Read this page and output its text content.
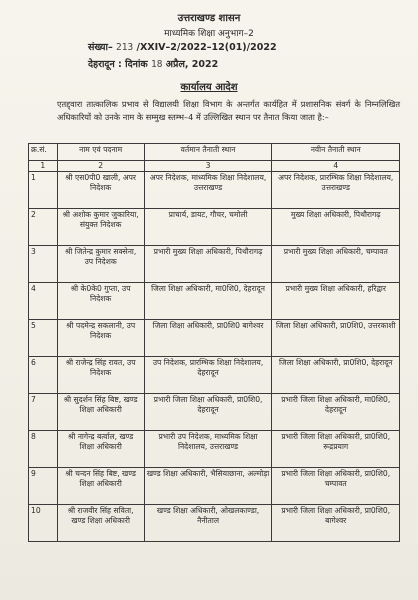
उत्तराखण्ड शासन
माध्यमिक शिक्षा अनुभाग–2
संख्या– 213 /XXIV–2/2022–12(01)/2022
देहरादून : दिनांक 18 अप्रैल, 2022
कार्यालय आदेश
एतद्द्वारा तात्कालिक प्रभाव से विद्यालयी शिक्षा विभाग के अन्तर्गत कार्यहित में प्रशासनिक संवर्ग के निम्नलिखित अधिकारियों को उनके नाम के सम्मुख स्तम्भ–4 में उल्लिखित स्थान पर तैनात किया जाता है:–
क्र.सं.	नाम एवं पदनाम	वर्तमान तैनाती स्थान	नवीन तैनाती स्थान
1	2	3	4
1	श्री एस0पी0 खाली, अपर निदेशक	अपर निदेशक, माध्यमिक शिक्षा निदेशालय, उत्तराखण्ड	अपर निदेशक, प्रारम्भिक शिक्षा निदेशालय, उत्तराखण्ड
2	श्री अशोक कुमार जुकारिया, संयुक्त निदेशक	प्राचार्य, डायट, गौचर, चमोली	मुख्य शिक्षा अधिकारी, पिथौरागढ़
3	श्री जितेन्द्र कुमार सक्सेना, उप निदेशक	प्रभारी मुख्य शिक्षा अधिकारी, पिथौरागढ़	प्रभारी मुख्य शिक्षा अधिकारी, चम्पावत
4	श्री के0के0 गुप्ता, उप निदेशक	जिला शिक्षा अधिकारी, मा0शि0, देहरादून	प्रभारी मुख्य शिक्षा अधिकारी, हरिद्वार
5	श्री पदमेन्द्र सकलानी, उप निदेशक	जिला शिक्षा अधिकारी, प्रा0शि0 बागेश्वर	जिला शिक्षा अधिकारी, प्रा0शि0, उत्तरकाशी
6	श्री राजेन्द्र सिंह रावत, उप निदेशक	उप निदेशक, प्रारम्भिक शिक्षा निदेशालय, देहरादून	जिला शिक्षा अधिकारी, प्रा0शि0, देहरादून
7	श्री सुदर्शन सिंह बिष्ट, खण्ड शिक्षा अधिकारी	प्रभारी जिला शिक्षा अधिकारी, प्रा0शि0, देहरादून	प्रभारी जिला शिक्षा अधिकारी, मा0शि0, देहरादून
8	श्री नागेन्द्र बर्त्वाल, खण्ड शिक्षा अधिकारी	प्रभारी उप निदेशक, माध्यमिक शिक्षा निदेशालय, उत्तराखण्ड	प्रभारी जिला शिक्षा अधिकारी, प्रा0शि0, रूद्रप्रयाग
9	श्री चन्दन सिंह बिष्ट, खण्ड शिक्षा अधिकारी	खण्ड शिक्षा अधिकारी, भैसियाछाना, अल्मोड़ा	प्रभारी जिला शिक्षा अधिकारी, प्रा0शि0, चम्पावत
10	श्री राजवीर सिंह सविता, खण्ड शिक्षा अधिकारी	खण्ड शिक्षा अधिकारी, ओखलकाण्डा, नैनीताल	प्रभारी जिला शिक्षा अधिकारी, प्रा0शि0, बागेश्वर
